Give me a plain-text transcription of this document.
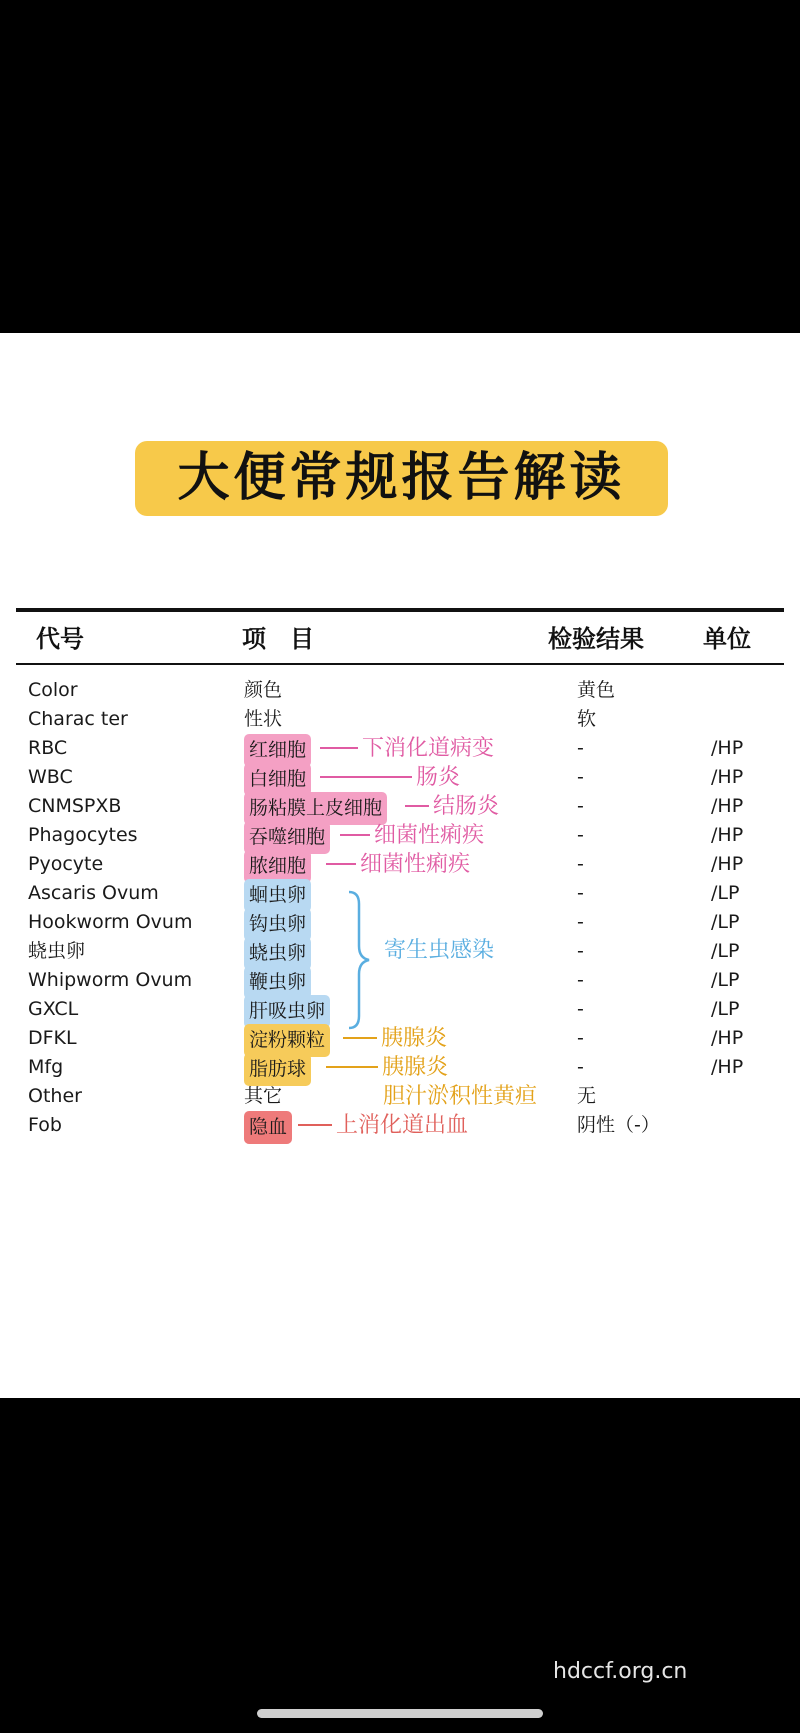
大便常规报告解读
代号	项　目	检验结果 单位
Color	颜色	黄色
Charac ter	性状	软
RBC	红细胞	下消化道病变	-	/HP
WBC	白细胞	肠炎	-	/HP
CNMSPXB	肠粘膜上皮细胞	结肠炎	-	/HP
Phagocytes	吞噬细胞	细菌性痢疾	-	/HP
Pyocyte	脓细胞	细菌性痢疾	-	/HP
Ascaris Ovum	蛔虫卵	-	/LP
Hookworm Ovum	钩虫卵	-	/LP
蛲虫卵	蛲虫卵	-	/LP
Whipworm Ovum	鞭虫卵	-	/LP
GXCL	肝吸虫卵	-	/LP
DFKL	淀粉颗粒	胰腺炎	-	/HP
Mfg	脂肪球	胰腺炎	-	/HP
Other	其它	胆汁淤积性黄疸 无
Fob	隐血	上消化道出血	阴性（-）
寄生虫感染
hdccf.org.cn
